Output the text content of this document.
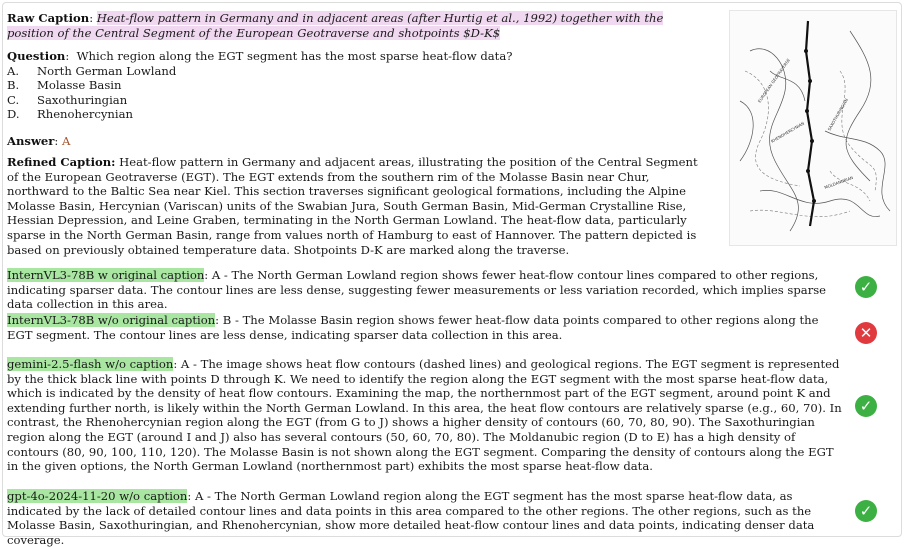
Raw Caption: Heat-flow pattern in Germany and in adjacent areas (after Hurtig et al., 1992) together with the position of the Central Segment of the European Geotraverse and shotpoints $D-K$
Question:  Which region along the EGT segment has the most sparse heat-flow data?
A.	North German Lowland
B.	Molasse Basin
C.	Saxothuringian
D.	Rhenohercynian
Answer: A
Refined Caption: Heat-flow pattern in Germany and adjacent areas, illustrating the position of the Central Segment of the European Geotraverse (EGT). The EGT extends from the southern rim of the Molasse Basin near Chur, northward to the Baltic Sea near Kiel. This section traverses significant geological formations, including the Alpine Molasse Basin, Hercynian (Variscan) units of the Swabian Jura, South German Basin, Mid-German Crystalline Rise, Hessian Depression, and Leine Graben, terminating in the North German Lowland. The heat-flow data, particularly sparse in the North German Basin, range from values north of Hamburg to east of Hannover. The pattern depicted is based on previously obtained temperature data. Shotpoints D-K are marked along the traverse.
EUROPEAN GEOTRAVERSE
RHENOHERCYNIAN
SAXOTHURINGIAN
MOLDANUBIAN
InternVL3-78B w original caption: A - The North German Lowland region shows fewer heat-flow contour lines compared to other regions, indicating sparser data. The contour lines are less dense, suggesting fewer measurements or less variation recorded, which implies sparse data collection in this area.
✓
InternVL3-78B w/o original caption: B - The Molasse Basin region shows fewer heat-flow data points compared to other regions along the EGT segment. The contour lines are less dense, indicating sparser data collection in this area.	✕
gemini-2.5-flash w/o caption: A - The image shows heat flow contours (dashed lines) and geological regions. The EGT segment is represented by the thick black line with points D through K. We need to identify the region along the EGT segment with the most sparse heat-flow data, which is indicated by the density of heat flow contours. Examining the map, the northernmost part of the EGT segment, around point K and extending further north, is likely within the North German Lowland. In this area, the heat flow contours are relatively sparse (e.g., 60, 70). In contrast, the Rhenohercynian region along the EGT (from G to J) shows a higher density of contours (60, 70, 80, 90). The Saxothuringian region along the EGT (around I and J) also has several contours (50, 60, 70, 80). The Moldanubic region (D to E) has a high density of contours (80, 90, 100, 110, 120). The Molasse Basin is not shown along the EGT segment. Comparing the density of contours along the EGT in the given options, the North German Lowland (northernmost part) exhibits the most sparse heat-flow data.
✓
gpt-4o-2024-11-20 w/o caption: A - The North German Lowland region along the EGT segment has the most sparse heat-flow data, as indicated by the lack of detailed contour lines and data points in this area compared to the other regions. The other regions, such as the Molasse Basin, Saxothuringian, and Rhenohercynian, show more detailed heat-flow contour lines and data points, indicating denser data coverage.
✓
